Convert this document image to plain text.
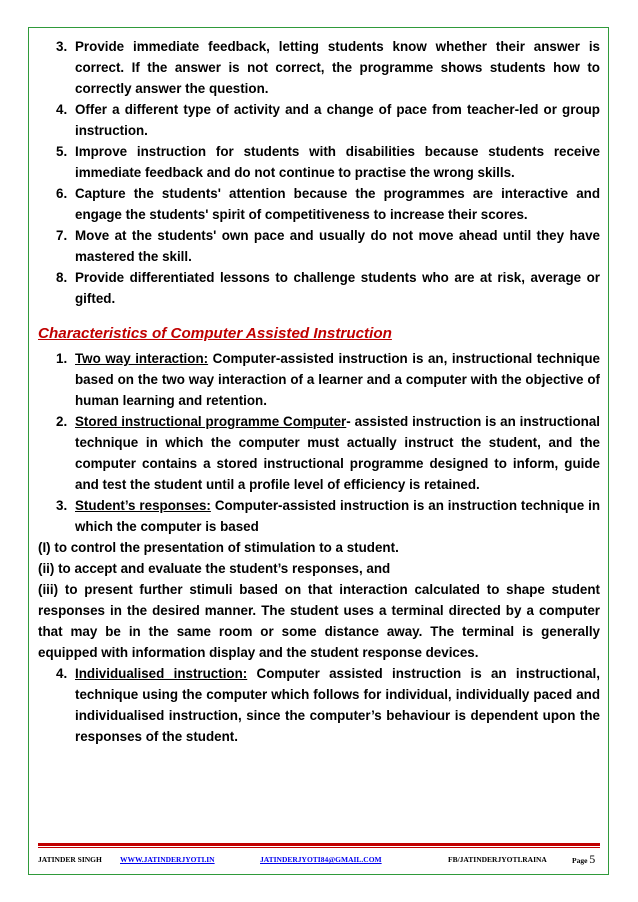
3. Provide immediate feedback, letting students know whether their answer is correct. If the answer is not correct, the programme shows students how to correctly answer the question.
4. Offer a different type of activity and a change of pace from teacher-led or group instruction.
5. Improve instruction for students with disabilities because students receive immediate feedback and do not continue to practise the wrong skills.
6. Capture the students' attention because the programmes are interactive and engage the students' spirit of competitiveness to increase their scores.
7. Move at the students' own pace and usually do not move ahead until they have mastered the skill.
8. Provide differentiated lessons to challenge students who are at risk, average or gifted.
Characteristics of Computer Assisted Instruction
1. Two way interaction: Computer-assisted instruction is an, instructional technique based on the two way interaction of a learner and a computer with the objective of human learning and retention.
2. Stored instructional programme Computer- assisted instruction is an instructional technique in which the computer must actually instruct the student, and the computer contains a stored instructional programme designed to inform, guide and test the student until a profile level of efficiency is retained.
3. Student’s responses: Computer-assisted instruction is an instruction technique in which the computer is based
(I) to control the presentation of stimulation to a student.
(ii) to accept and evaluate the student’s responses, and
(iii) to present further stimuli based on that interaction calculated to shape student responses in the desired manner. The student uses a terminal directed by a computer that may be in the same room or some distance away. The terminal is generally equipped with information display and the student response devices.
4. Individualised instruction: Computer assisted instruction is an instructional, technique using the computer which follows for individual, individually paced and individualised instruction, since the computer’s behaviour is dependent upon the responses of the student.
JATINDER SINGH WWW.JATINDERJYOTI.IN	JATINDERJYOTI84@GMAIL.COM	FB/JATINDERJYOTI.RAINA	Page 5
